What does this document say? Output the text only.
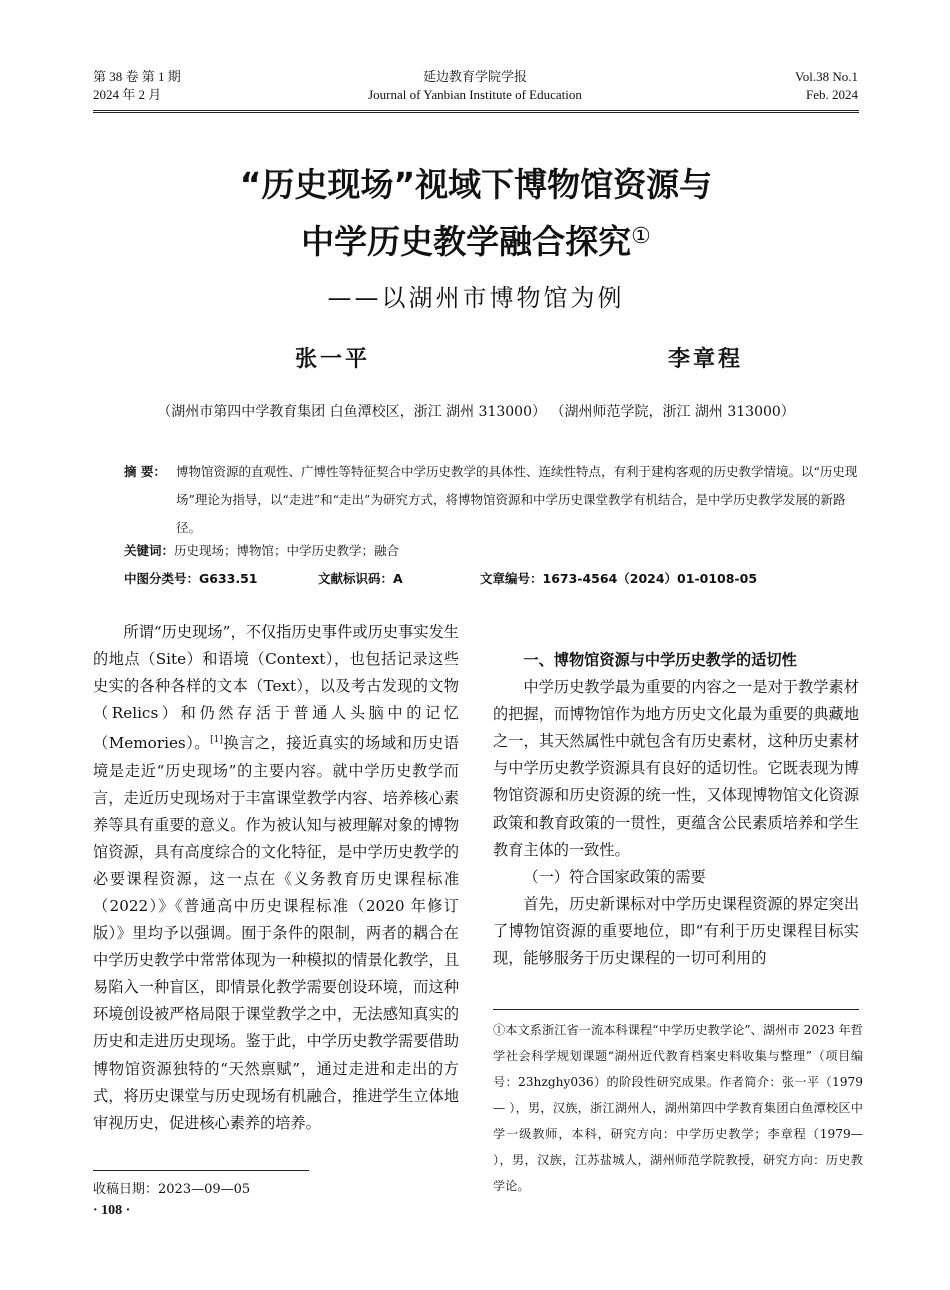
第 38 卷 第 1 期
2024 年 2 月
延边教育学院学报
Journal of Yanbian Institute of Education
Vol.38 No.1
Feb. 2024
“历史现场”视域下博物馆资源与
中学历史教学融合探究①
——以湖州市博物馆为例
张一平	李章程
（湖州市第四中学教育集团 白鱼潭校区，浙江 湖州 313000） （湖州师范学院，浙江 湖州 313000）
摘 要： 博物馆资源的直观性、广博性等特征契合中学历史教学的具体性、连续性特点，有利于建构客观的历史教学情境。以“历史现场”理论为指导，以“走进”和“走出”为研究方式，将博物馆资源和中学历史课堂教学有机结合，是中学历史教学发展的新路径。
关键词：历史现场；博物馆；中学历史教学；融合
中图分类号：G633.51	文献标识码：A	文章编号：1673-4564（2024）01-0108-05

所谓“历史现场”，不仅指历史事件或历史事实发生的地点（Site）和语境（Context），也包括记录这些史实的各种各样的文本（Text），以及考古发现的文物（Relics）和仍然存活于普通人头脑中的记忆（Memories）。[1]换言之，接近真实的场域和历史语境是走近“历史现场”的主要内容。就中学历史教学而言，走近历史现场对于丰富课堂教学内容、培养核心素养等具有重要的意义。作为被认知与被理解对象的博物馆资源，具有高度综合的文化特征，是中学历史教学的必要课程资源，这一点在《义务教育历史课程标准（2022）》《普通高中历史课程标准（2020 年修订版）》里均予以强调。囿于条件的限制，两者的耦合在中学历史教学中常常体现为一种模拟的情景化教学，且易陷入一种盲区，即情景化教学需要创设环境，而这种环境创设被严格局限于课堂教学之中，无法感知真实的历史和走进历史现场。鉴于此，中学历史教学需要借助博物馆资源独特的“天然禀赋”，通过走进和走出的方式，将历史课堂与历史现场有机融合，推进学生立体地审视历史，促进核心素养的培养。

一、博物馆资源与中学历史教学的适切性

中学历史教学最为重要的内容之一是对于教学素材的把握，而博物馆作为地方历史文化最为重要的典藏地之一，其天然属性中就包含有历史素材，这种历史素材与中学历史教学资源具有良好的适切性。它既表现为博物馆资源和历史资源的统一性，又体现博物馆文化资源政策和教育政策的一贯性，更蕴含公民素质培养和学生教育主体的一致性。

（一）符合国家政策的需要

首先，历史新课标对中学历史课程资源的界定突出了博物馆资源的重要地位，即“有利于历史课程目标实现，能够服务于历史课程的一切可利用的

①本文系浙江省一流本科课程“中学历史教学论”、湖州市 2023 年哲学社会科学规划课题“湖州近代教育档案史料收集与整理”（项目编号：23hzghy036）的阶段性研究成果。作者简介：张一平（1979— ），男，汉族，浙江湖州人，湖州第四中学教育集团白鱼潭校区中学一级教师，本科，研究方向：中学历史教学；李章程（1979— ），男，汉族，江苏盐城人，湖州师范学院教授，研究方向：历史教学论。
收稿日期：2023—09—05
· 108 ·
